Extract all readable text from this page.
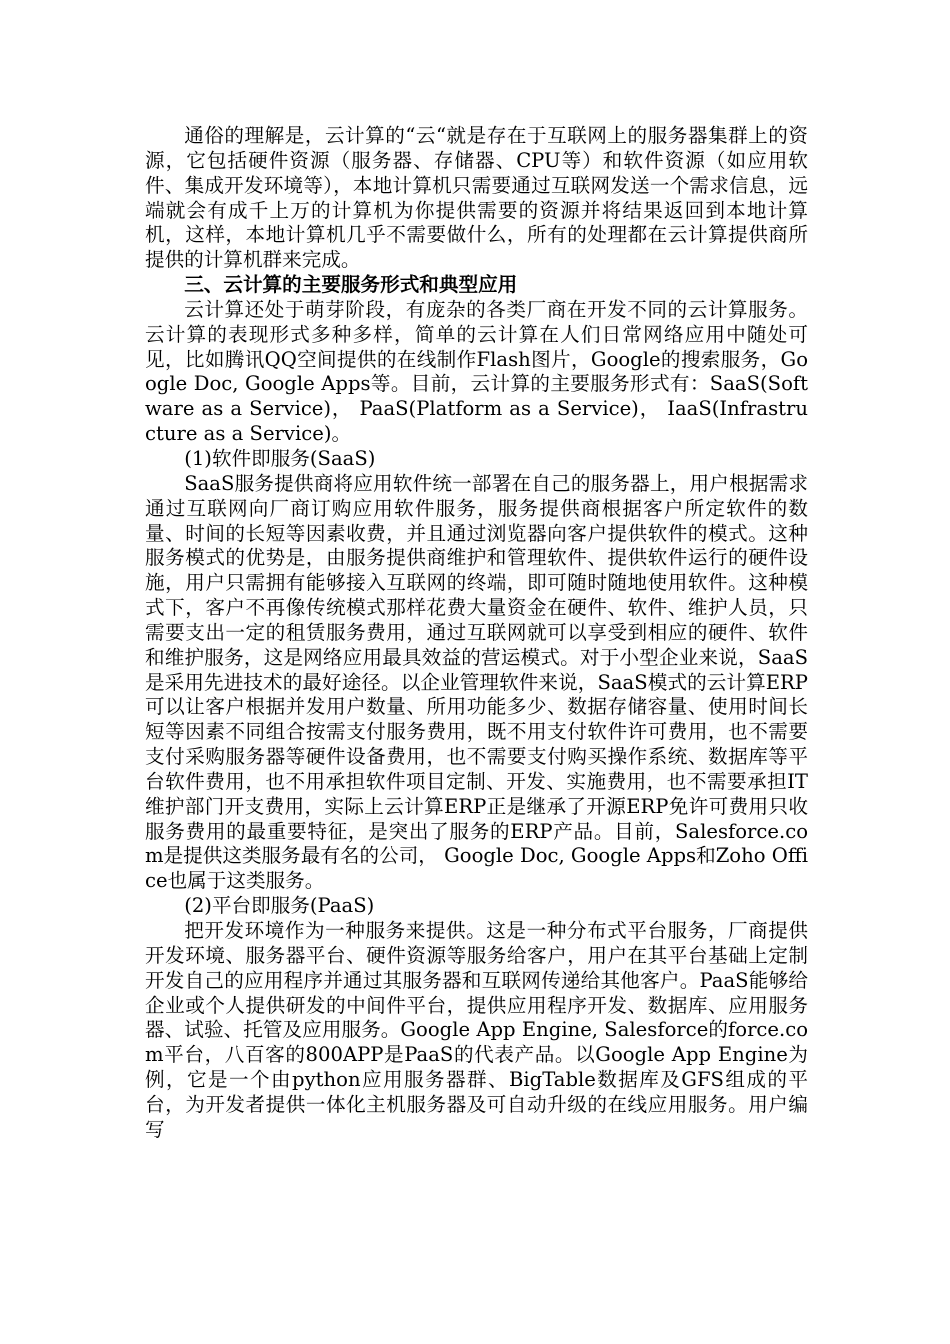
通俗的理解是，云计算的“云“就是存在于互联网上的服务器集群上的资源，它包括硬件资源（服务器、存储器、CPU等）和软件资源（如应用软件、集成开发环境等），本地计算机只需要通过互联网发送一个需求信息，远端就会有成千上万的计算机为你提供需要的资源并将结果返回到本地计算机，这样，本地计算机几乎不需要做什么，所有的处理都在云计算提供商所提供的计算机群来完成。

三、云计算的主要服务形式和典型应用

云计算还处于萌芽阶段，有庞杂的各类厂商在开发不同的云计算服务。云计算的表现形式多种多样，简单的云计算在人们日常网络应用中随处可见，比如腾讯QQ空间提供的在线制作Flash图片，Google的搜索服务，Google Doc, Google Apps等。目前，云计算的主要服务形式有：SaaS(Software as a Service)， PaaS(Platform as a Service)， IaaS(Infrastructure as a Service)。

(1)软件即服务(SaaS)

SaaS服务提供商将应用软件统一部署在自己的服务器上，用户根据需求通过互联网向厂商订购应用软件服务，服务提供商根据客户所定软件的数量、时间的长短等因素收费，并且通过浏览器向客户提供软件的模式。这种服务模式的优势是，由服务提供商维护和管理软件、提供软件运行的硬件设施，用户只需拥有能够接入互联网的终端，即可随时随地使用软件。这种模式下，客户不再像传统模式那样花费大量资金在硬件、软件、维护人员，只需要支出一定的租赁服务费用，通过互联网就可以享受到相应的硬件、软件和维护服务，这是网络应用最具效益的营运模式。对于小型企业来说，SaaS是采用先进技术的最好途径。以企业管理软件来说，SaaS模式的云计算ERP可以让客户根据并发用户数量、所用功能多少、数据存储容量、使用时间长短等因素不同组合按需支付服务费用，既不用支付软件许可费用，也不需要支付采购服务器等硬件设备费用，也不需要支付购买操作系统、数据库等平台软件费用，也不用承担软件项目定制、开发、实施费用，也不需要承担IT维护部门开支费用，实际上云计算ERP正是继承了开源ERP免许可费用只收服务费用的最重要特征，是突出了服务的ERP产品。目前，Salesforce.com是提供这类服务最有名的公司， Google Doc, Google Apps和Zoho Office也属于这类服务。

(2)平台即服务(PaaS)

把开发环境作为一种服务来提供。这是一种分布式平台服务，厂商提供开发环境、服务器平台、硬件资源等服务给客户，用户在其平台基础上定制开发自己的应用程序并通过其服务器和互联网传递给其他客户。PaaS能够给企业或个人提供研发的中间件平台，提供应用程序开发、数据库、应用服务器、试验、托管及应用服务。Google App Engine, Salesforce的force.com平台，八百客的800APP是PaaS的代表产品。以Google App Engine为例，它是一个由python应用服务器群、BigTable数据库及GFS组成的平台，为开发者提供一体化主机服务器及可自动升级的在线应用服务。用户编写
